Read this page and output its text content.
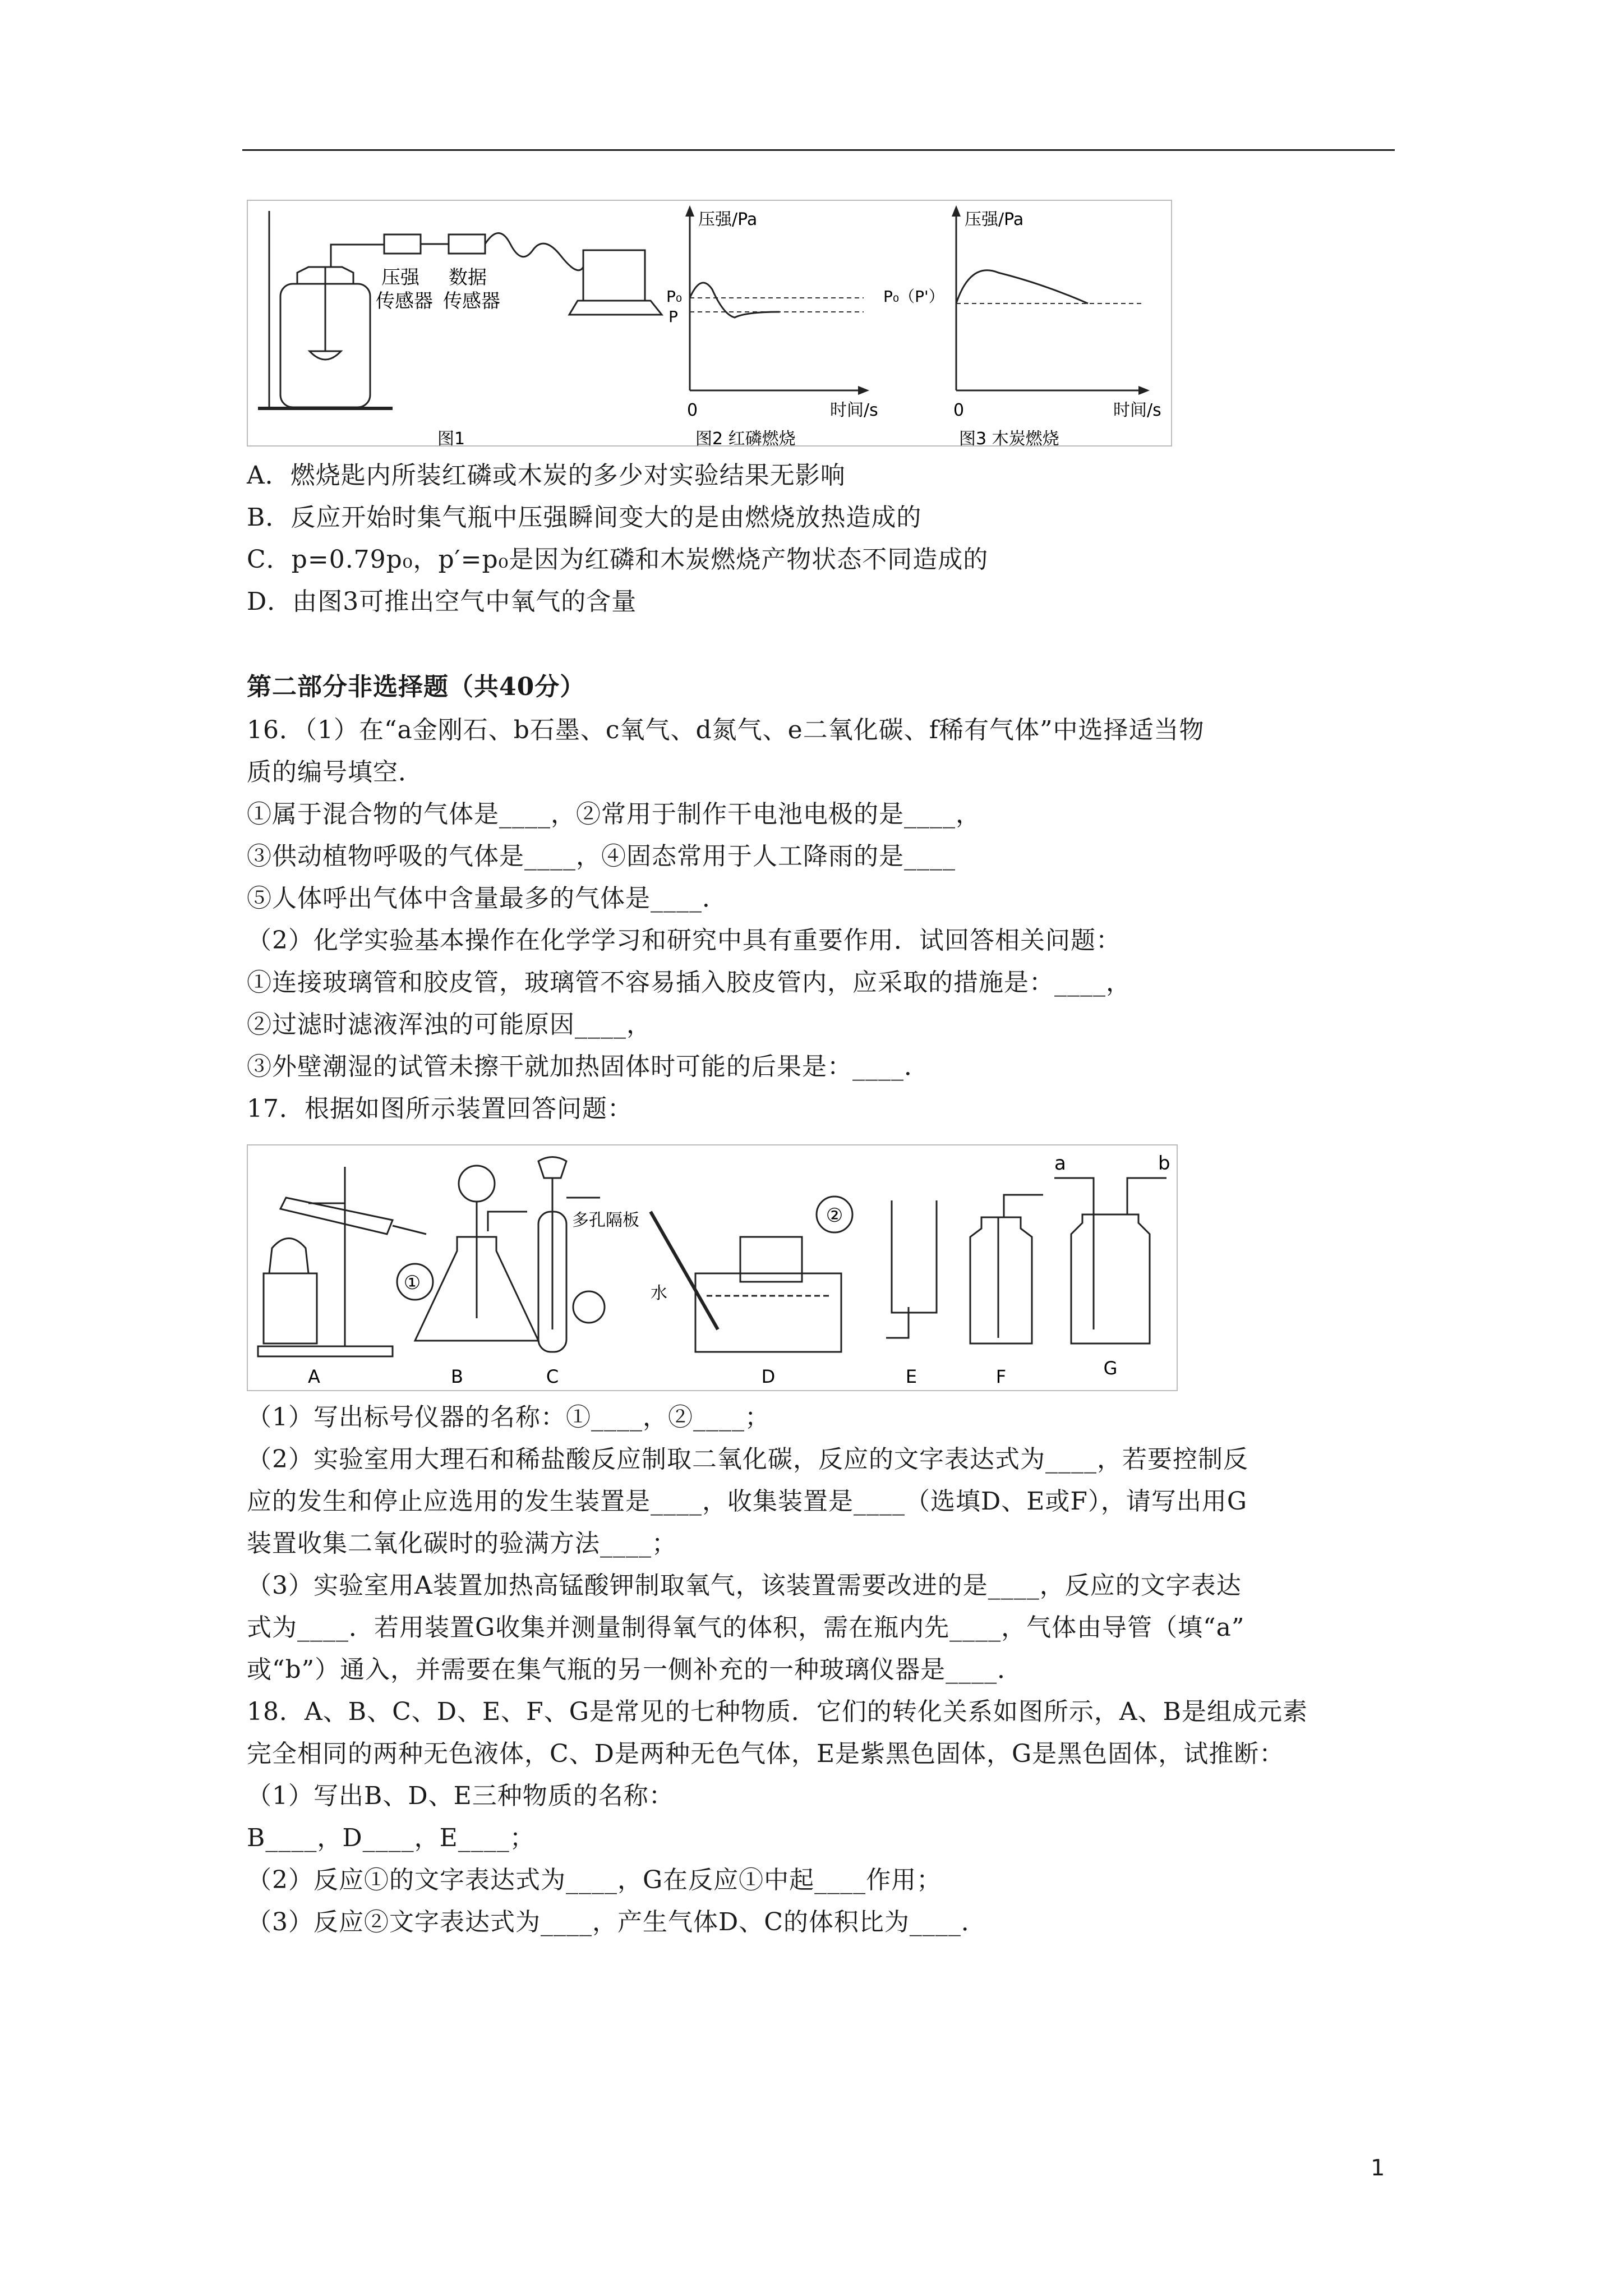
压强
传感器
数据
传感器
压强/Pa
时间/s
0
P₀
P
图2 红磷燃烧
压强/Pa
时间/s
0
P₀（P'）
图3 木炭燃烧
图1
A．燃烧匙内所装红磷或木炭的多少对实验结果无影响
B．反应开始时集气瓶中压强瞬间变大的是由燃烧放热造成的
C．p=0.79p₀，p′=p₀是因为红磷和木炭燃烧产物状态不同造成的
D．由图3可推出空气中氧气的含量
第二部分非选择题（共40分）
16．（1）在“a金刚石、b石墨、c氧气、d氮气、e二氧化碳、f稀有气体”中选择适当物
质的编号填空．
①属于混合物的气体是____，②常用于制作干电池电极的是____，
③供动植物呼吸的气体是____，④固态常用于人工降雨的是____
⑤人体呼出气体中含量最多的气体是____．
（2）化学实验基本操作在化学学习和研究中具有重要作用．试回答相关问题：
①连接玻璃管和胶皮管，玻璃管不容易插入胶皮管内，应采取的措施是：____，
②过滤时滤液浑浊的可能原因____，
③外壁潮湿的试管未擦干就加热固体时可能的后果是：____．
17．根据如图所示装置回答问题：
①
②
多孔隔板
水
a	b
A	B	C	D	E	F	G
（1）写出标号仪器的名称：①____，②____；
（2）实验室用大理石和稀盐酸反应制取二氧化碳，反应的文字表达式为____，若要控制反
应的发生和停止应选用的发生装置是____，收集装置是____（选填D、E或F），请写出用G
装置收集二氧化碳时的验满方法____；
（3）实验室用A装置加热高锰酸钾制取氧气，该装置需要改进的是____，反应的文字表达
式为____．若用装置G收集并测量制得氧气的体积，需在瓶内先____，气体由导管（填“a”
或“b”）通入，并需要在集气瓶的另一侧补充的一种玻璃仪器是____．
18．A、B、C、D、E、F、G是常见的七种物质．它们的转化关系如图所示，A、B是组成元素
完全相同的两种无色液体，C、D是两种无色气体，E是紫黑色固体，G是黑色固体，试推断：
（1）写出B、D、E三种物质的名称：
B____，D____，E____；
（2）反应①的文字表达式为____，G在反应①中起____作用；
（3）反应②文字表达式为____，产生气体D、C的体积比为____．
1
